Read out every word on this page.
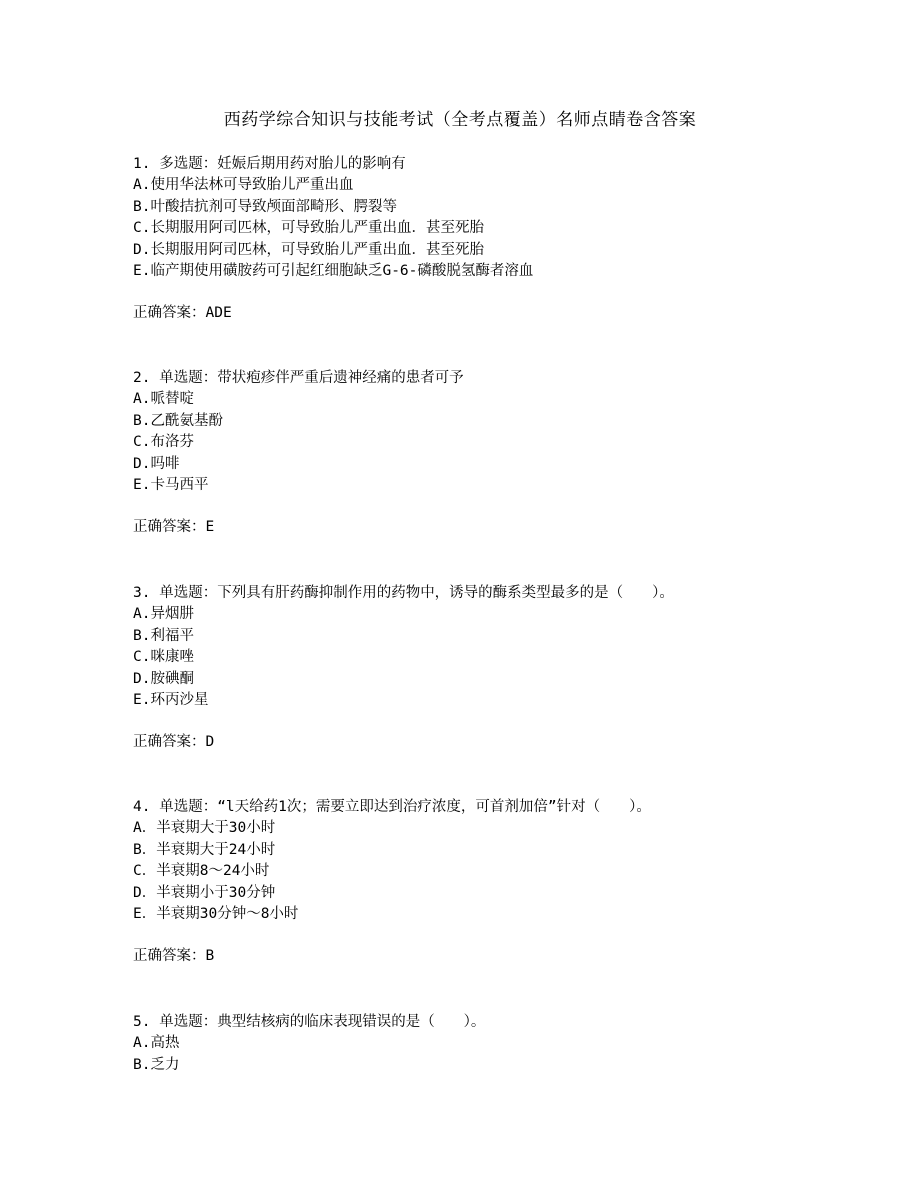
西药学综合知识与技能考试（全考点覆盖）名师点睛卷含答案
1. 多选题：妊娠后期用药对胎儿的影响有
A.使用华法林可导致胎儿严重出血
B.叶酸拮抗剂可导致颅面部畸形、腭裂等
C.长期服用阿司匹林，可导致胎儿严重出血．甚至死胎
D.长期服用阿司匹林，可导致胎儿严重出血．甚至死胎
E.临产期使用磺胺药可引起红细胞缺乏G-6-磷酸脱氢酶者溶血
正确答案：ADE
2. 单选题：带状疱疹伴严重后遗神经痛的患者可予
A.哌替啶
B.乙酰氨基酚
C.布洛芬
D.吗啡
E.卡马西平
正确答案：E
3. 单选题：下列具有肝药酶抑制作用的药物中，诱导的酶系类型最多的是（　　）。
A.异烟肼
B.利福平
C.咪康唑
D.胺碘酮
E.环丙沙星
正确答案：D
4. 单选题：“l天给药1次；需要立即达到治疗浓度，可首剂加倍”针对（　　）。
A．半衰期大于30小时
B．半衰期大于24小时
C．半衰期8～24小时
D．半衰期小于30分钟
E．半衰期30分钟～8小时
正确答案：B
5. 单选题：典型结核病的临床表现错误的是（　　）。
A.高热
B.乏力
